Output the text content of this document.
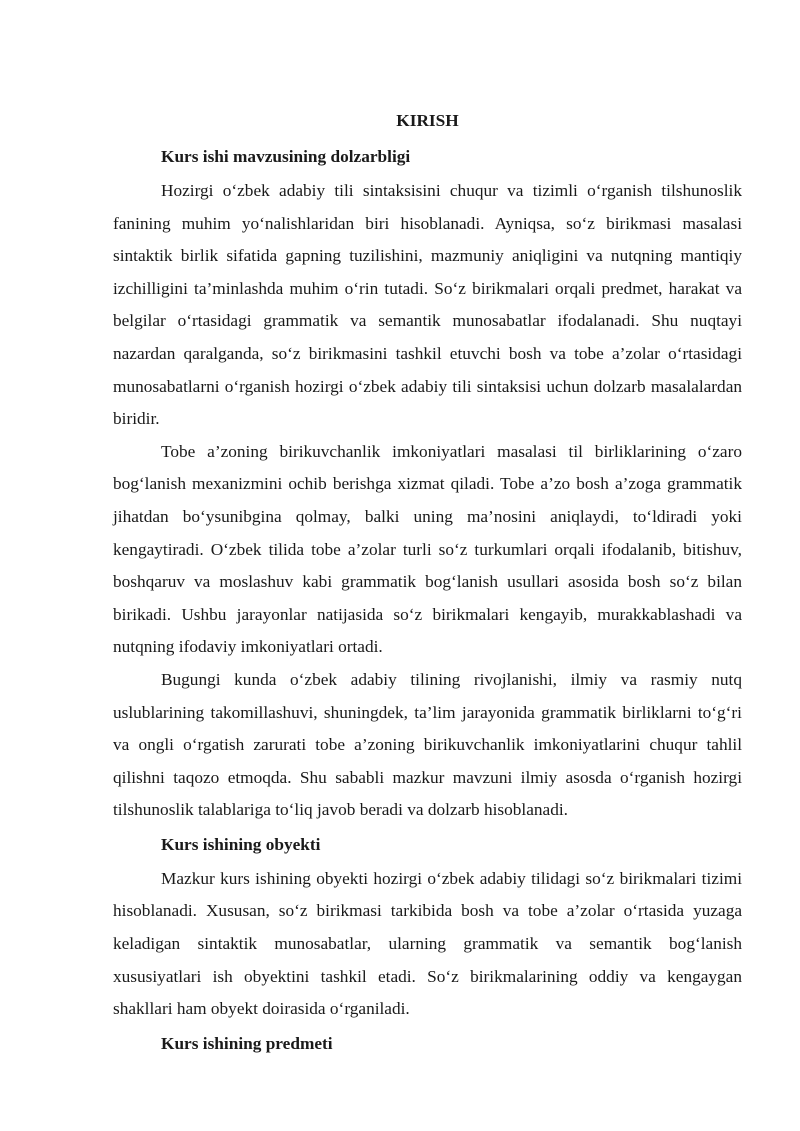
KIRISH

Kurs ishi mavzusining dolzarbligi

Hozirgi o‘zbek adabiy tili sintaksisini chuqur va tizimli o‘rganish tilshunoslik fanining muhim yo‘nalishlaridan biri hisoblanadi. Ayniqsa, so‘z birikmasi masalasi sintaktik birlik sifatida gapning tuzilishini, mazmuniy aniqligini va nutqning mantiqiy izchilligini ta’minlashda muhim o‘rin tutadi. So‘z birikmalari orqali predmet, harakat va belgilar o‘rtasidagi grammatik va semantik munosabatlar ifodalanadi. Shu nuqtayi nazardan qaralganda, so‘z birikmasini tashkil etuvchi bosh va tobe a’zolar o‘rtasidagi munosabatlarni o‘rganish hozirgi o‘zbek adabiy tili sintaksisi uchun dolzarb masalalardan biridir.

Tobe a’zoning birikuvchanlik imkoniyatlari masalasi til birliklarining o‘zaro bog‘lanish mexanizmini ochib berishga xizmat qiladi. Tobe a’zo bosh a’zoga grammatik jihatdan bo‘ysunibgina qolmay, balki uning ma’nosini aniqlaydi, to‘ldiradi yoki kengaytiradi. O‘zbek tilida tobe a’zolar turli so‘z turkumlari orqali ifodalanib, bitishuv, boshqaruv va moslashuv kabi grammatik bog‘lanish usullari asosida bosh so‘z bilan birikadi. Ushbu jarayonlar natijasida so‘z birikmalari kengayib, murakkablashadi va nutqning ifodaviy imkoniyatlari ortadi.

Bugungi kunda o‘zbek adabiy tilining rivojlanishi, ilmiy va rasmiy nutq uslublarining takomillashuvi, shuningdek, ta’lim jarayonida grammatik birliklarni to‘g‘ri va ongli o‘rgatish zarurati tobe a’zoning birikuvchanlik imkoniyatlarini chuqur tahlil qilishni taqozo etmoqda. Shu sababli mazkur mavzuni ilmiy asosda o‘rganish hozirgi tilshunoslik talablariga to‘liq javob beradi va dolzarb hisoblanadi.

Kurs ishining obyekti

Mazkur kurs ishining obyekti hozirgi o‘zbek adabiy tilidagi so‘z birikmalari tizimi hisoblanadi. Xususan, so‘z birikmasi tarkibida bosh va tobe a’zolar o‘rtasida yuzaga keladigan sintaktik munosabatlar, ularning grammatik va semantik bog‘lanish xususiyatlari ish obyektini tashkil etadi. So‘z birikmalarining oddiy va kengaygan shakllari ham obyekt doirasida o‘rganiladi.

Kurs ishining predmeti
